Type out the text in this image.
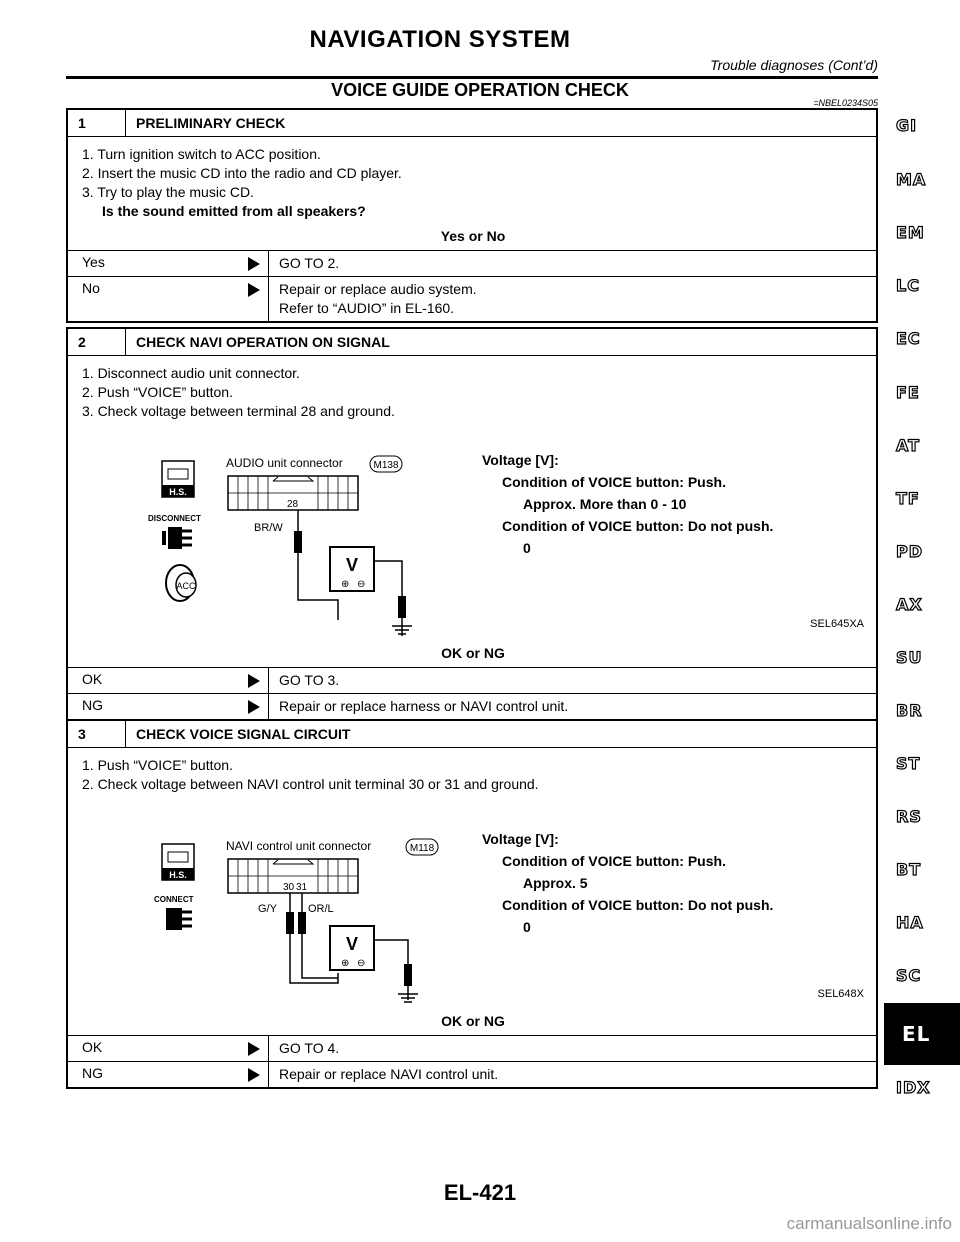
NAVIGATION SYSTEM
Trouble diagnoses (Cont’d)
VOICE GUIDE OPERATION CHECK
=NBEL0234S05
1	PRELIMINARY CHECK
1. Turn ignition switch to ACC position.
2. Insert the music CD into the radio and CD player.
3. Try to play the music CD.
Is the sound emitted from all speakers?
Yes or No
Yes	GO TO 2.
No	Repair or replace audio system.
Refer to “AUDIO” in EL-160.
2	CHECK NAVI OPERATION ON SIGNAL
1. Disconnect audio unit connector.
2. Push “VOICE” button.
3. Check voltage between terminal 28 and ground.
H.S.
DISCONNECT
ACC
AUDIO unit connector	M138
28
BR/W
V
⊕ ⊖
Voltage [V]:
Condition of VOICE button: Push.
Approx. More than 0 - 10
Condition of VOICE button: Do not push.
0
SEL645XA
OK or NG
OK	GO TO 3.
NG	Repair or replace harness or NAVI control unit.
3	CHECK VOICE SIGNAL CIRCUIT
1. Push “VOICE” button.
2. Check voltage between NAVI control unit terminal 30 or 31 and ground.
H.S.
CONNECT
NAVI control unit connector	M118
30 31
G/Y	OR/L
V
⊕ ⊖
Voltage [V]:
Condition of VOICE button: Push.
Approx. 5
Condition of VOICE button: Do not push.
0
SEL648X
OK or NG
OK	GO TO 4.
NG	Repair or replace NAVI control unit.
GI
MA
EM
LC
EC
FE
AT
TF
PD
AX
SU
BR
ST
RS
BT
HA
SC
EL
IDX
EL-421
carmanualsonline.info
